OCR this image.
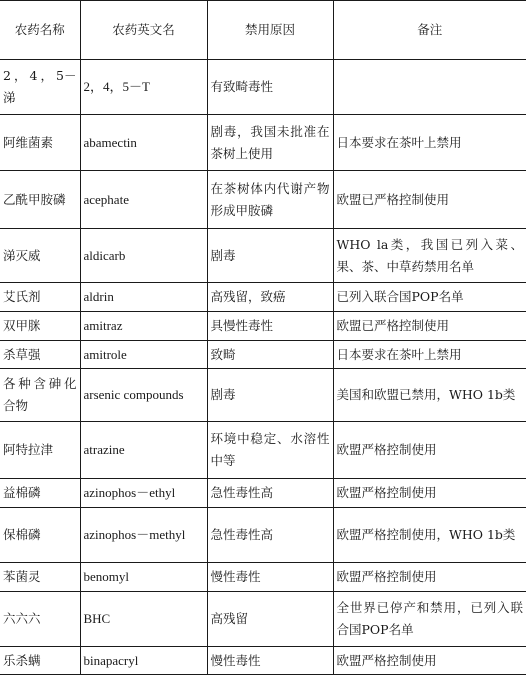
农药名称	农药英文名	禁用原因	备注
2，4，5－涕	2，4，5－T	有致畸毒性	
阿维菌素	abamectin	剧毒，我国未批准在茶树上使用	日本要求在茶叶上禁用
乙酰甲胺磷	acephate	在茶树体内代谢产物形成甲胺磷	欧盟已严格控制使用
涕灭威	aldicarb	剧毒	WHO la类，我国已列入菜、果、茶、中草药禁用名单
艾氏剂	aldrin	高残留，致癌	已列入联合国POP名单
双甲脒	amitraz	具慢性毒性	欧盟已严格控制使用
杀草强	amitrole	致畸	日本要求在茶叶上禁用
各种含砷化合物	arsenic compounds	剧毒	美国和欧盟已禁用，WHO 1b类
阿特拉津	atrazine	环境中稳定、水溶性中等	欧盟严格控制使用
益棉磷	azinophos－ethyl	急性毒性高	欧盟严格控制使用
保棉磷	azinophos－methyl	急性毒性高	欧盟严格控制使用，WHO 1b类
苯菌灵	benomyl	慢性毒性	欧盟严格控制使用
六六六	BHC	高残留	全世界已停产和禁用，已列入联合国POP名单
乐杀螨	binapacryl	慢性毒性	欧盟严格控制使用
